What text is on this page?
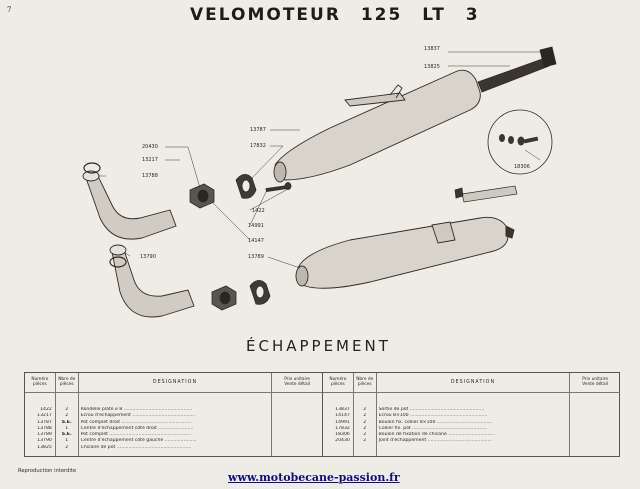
7	VELOMOTEUR 125 LT 3
13837
13825
13787
17832
20430
13217
13788
1422
14991
14147
13789
13790
18306
ÉCHAPPEMENT
Numéro
pièces
1422
13217
13787
13788
13789
13790
13825
Nbre de
pièces
2
2
S.E.
1
S.E.
1
2
DESIGNATION
Rondelle plate ⌀ 8 ...............................................
Ecrou d'échappement ...........................................
Pot complet droit ................................................
Centre d'échappement côté droit ........................
Pot complet ........................................................
Centre d'échappement côté gauche ......................
Chicane de pot ...................................................
Prix unitaire
Vente détail
Numéro
pièces
13837
14147
14991
17832
18306
20430
Nbre de
pièces
2
2
2
2
2
2
DESIGNATION
Sortie de pot ...................................................
Ecrou 8×100 .....................................................
Boulon fix. collier 8×100 ......................................
Collier fix. pot ...................................................
Boulon de fixation de chicane ................................
Joint d'échappement ............................................
Prix unitaire
Vente détail
Reproduction interdite	www.motobecane-passion.fr
